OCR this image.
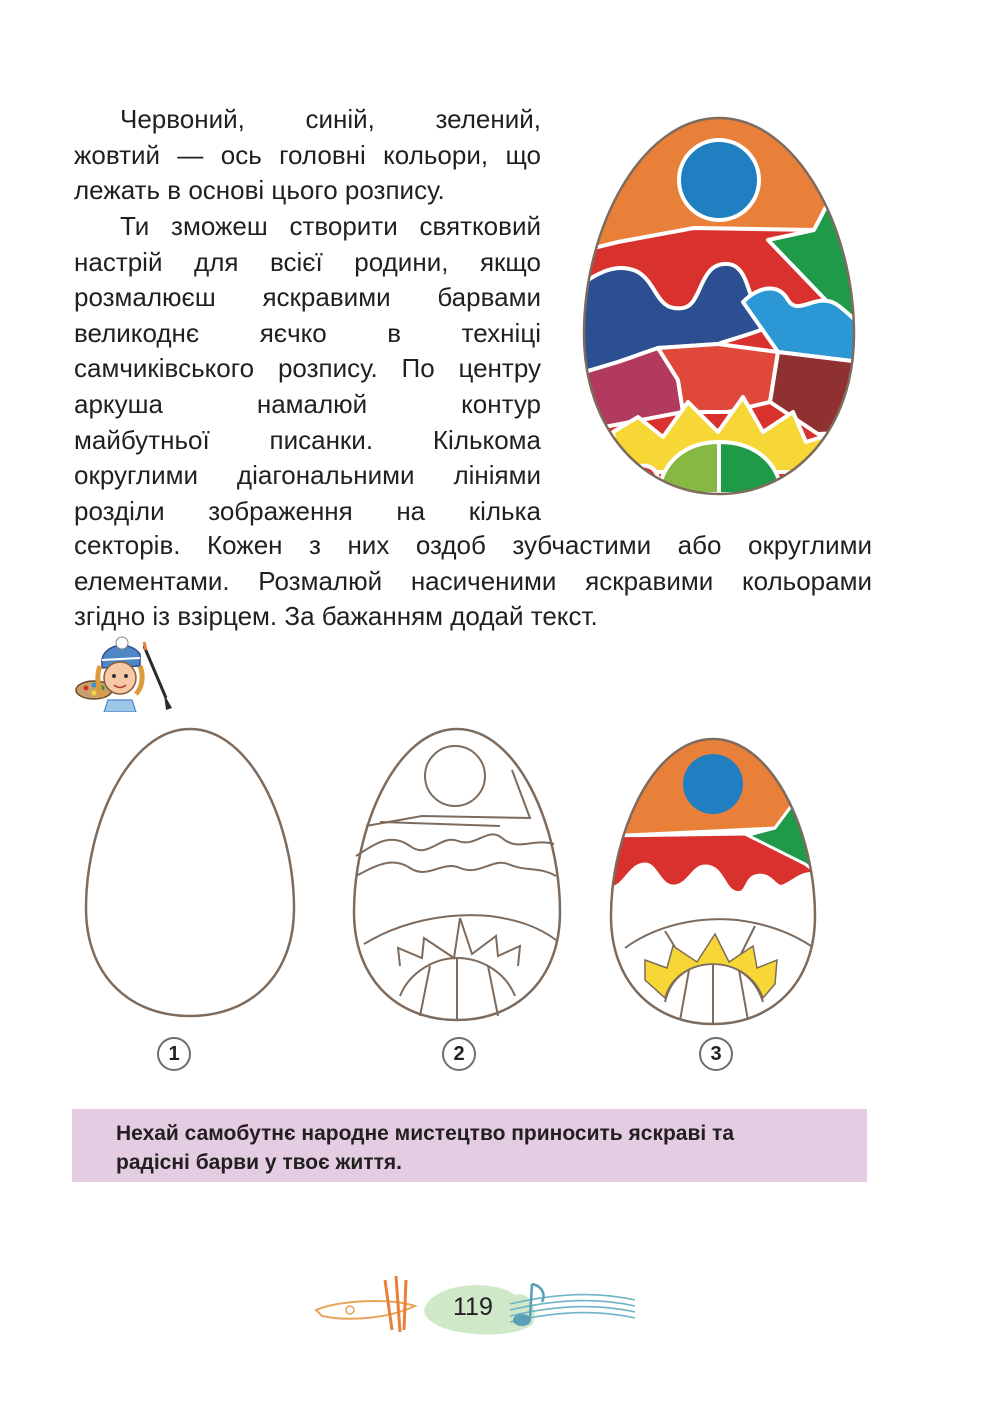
Червоний, синій, зелений,
жовтий — ось головні кольори, що
лежать в основі цього розпису.
Ти зможеш створити святковий
настрій для всієї родини, якщо
розмалюєш яскравими барвами
великоднє яєчко в техніці
самчиківського розпису. По центру
аркуша намалюй контур
майбутньої писанки. Кількома
округлими діагональними лініями
розділи зображення на кілька
секторів. Кожен з них оздоб зубчастими або округлими
елементами. Розмалюй насиченими яскравими кольорами
згідно із взірцем. За бажанням додай текст.
1	2	3

Нехай самобутнє народне мистецтво приносить яскраві та
радісні барви у твоє життя.

119
